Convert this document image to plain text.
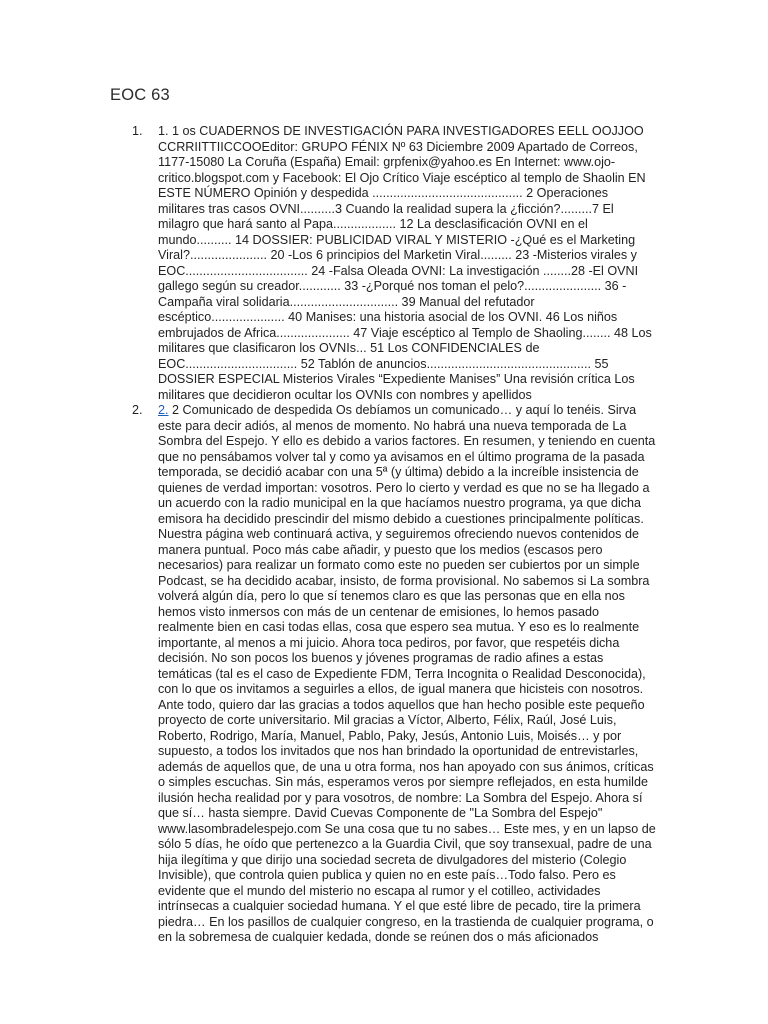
EOC 63
1. 1. 1 os CUADERNOS DE INVESTIGACIÓN PARA INVESTIGADORES EELL OOJJOO CCRRIITTIICCOOEditor: GRUPO FÉNIX Nº 63 Diciembre 2009 Apartado de Correos, 1177-15080 La Coruña (España) Email: grpfenix@yahoo.es En Internet: www.ojo-critico.blogspot.com y Facebook: El Ojo Crítico Viaje escéptico al templo de Shaolin EN ESTE NÚMERO Opinión y despedida ........................................... 2 Operaciones militares tras casos OVNI..........3 Cuando la realidad supera la ¿ficción?.........7 El milagro que hará santo al Papa.................. 12 La desclasificación OVNI en el mundo.......... 14 DOSSIER: PUBLICIDAD VIRAL Y MISTERIO -¿Qué es el Marketing Viral?...................... 20 -Los 6 principios del Marketin Viral......... 23 -Misterios virales y EOC................................... 24 -Falsa Oleada OVNI: La investigación ........28 -El OVNI gallego según su creador............ 33 -¿Porqué nos toman el pelo?...................... 36 -Campaña viral solidaria............................... 39 Manual del refutador escéptico..................... 40 Manises: una historia asocial de los OVNI. 46 Los niños embrujados de Africa..................... 47 Viaje escéptico al Templo de Shaoling........ 48 Los militares que clasificaron los OVNIs... 51 Los CONFIDENCIALES de EOC................................ 52 Tablón de anuncios............................................... 55 DOSSIER ESPECIAL Misterios Virales “Expediente Manises” Una revisión crítica Los militares que decidieron ocultar los OVNIs con nombres y apellidos
2. 2. 2 Comunicado de despedida Os debíamos un comunicado… y aquí lo tenéis. Sirva este para decir adiós, al menos de momento. No habrá una nueva temporada de La Sombra del Espejo. Y ello es debido a varios factores. En resumen, y teniendo en cuenta que no pensábamos volver tal y como ya avisamos en el último programa de la pasada temporada, se decidió acabar con una 5ª (y última) debido a la increíble insistencia de quienes de verdad importan: vosotros. Pero lo cierto y verdad es que no se ha llegado a un acuerdo con la radio municipal en la que hacíamos nuestro programa, ya que dicha emisora ha decidido prescindir del mismo debido a cuestiones principalmente políticas. Nuestra página web continuará activa, y seguiremos ofreciendo nuevos contenidos de manera puntual. Poco más cabe añadir, y puesto que los medios (escasos pero necesarios) para realizar un formato como este no pueden ser cubiertos por un simple Podcast, se ha decidido acabar, insisto, de forma provisional. No sabemos si La sombra volverá algún día, pero lo que sí tenemos claro es que las personas que en ella nos hemos visto inmersos con más de un centenar de emisiones, lo hemos pasado realmente bien en casi todas ellas, cosa que espero sea mutua. Y eso es lo realmente importante, al menos a mi juicio. Ahora toca pediros, por favor, que respetéis dicha decisión. No son pocos los buenos y jóvenes programas de radio afines a estas temáticas (tal es el caso de Expediente FDM, Terra Incognita o Realidad Desconocida), con lo que os invitamos a seguirles a ellos, de igual manera que hicisteis con nosotros. Ante todo, quiero dar las gracias a todos aquellos que han hecho posible este pequeño proyecto de corte universitario. Mil gracias a Víctor, Alberto, Félix, Raúl, José Luis, Roberto, Rodrigo, María, Manuel, Pablo, Paky, Jesús, Antonio Luis, Moisés… y por supuesto, a todos los invitados que nos han brindado la oportunidad de entrevistarles, además de aquellos que, de una u otra forma, nos han apoyado con sus ánimos, críticas o simples escuchas. Sin más, esperamos veros por siempre reflejados, en esta humilde ilusión hecha realidad por y para vosotros, de nombre: La Sombra del Espejo. Ahora sí que sí… hasta siempre. David Cuevas Componente de "La Sombra del Espejo" www.lasombradelespejo.com Se una cosa que tu no sabes… Este mes, y en un lapso de sólo 5 días, he oído que pertenezco a la Guardia Civil, que soy transexual, padre de una hija ilegítima y que dirijo una sociedad secreta de divulgadores del misterio (Colegio Invisible), que controla quien publica y quien no en este país…Todo falso. Pero es evidente que el mundo del misterio no escapa al rumor y el cotilleo, actividades intrínsecas a cualquier sociedad humana. Y el que esté libre de pecado, tire la primera piedra… En los pasillos de cualquier congreso, en la trastienda de cualquier programa, o en la sobremesa de cualquier kedada, donde se reúnen dos o más aficionados
